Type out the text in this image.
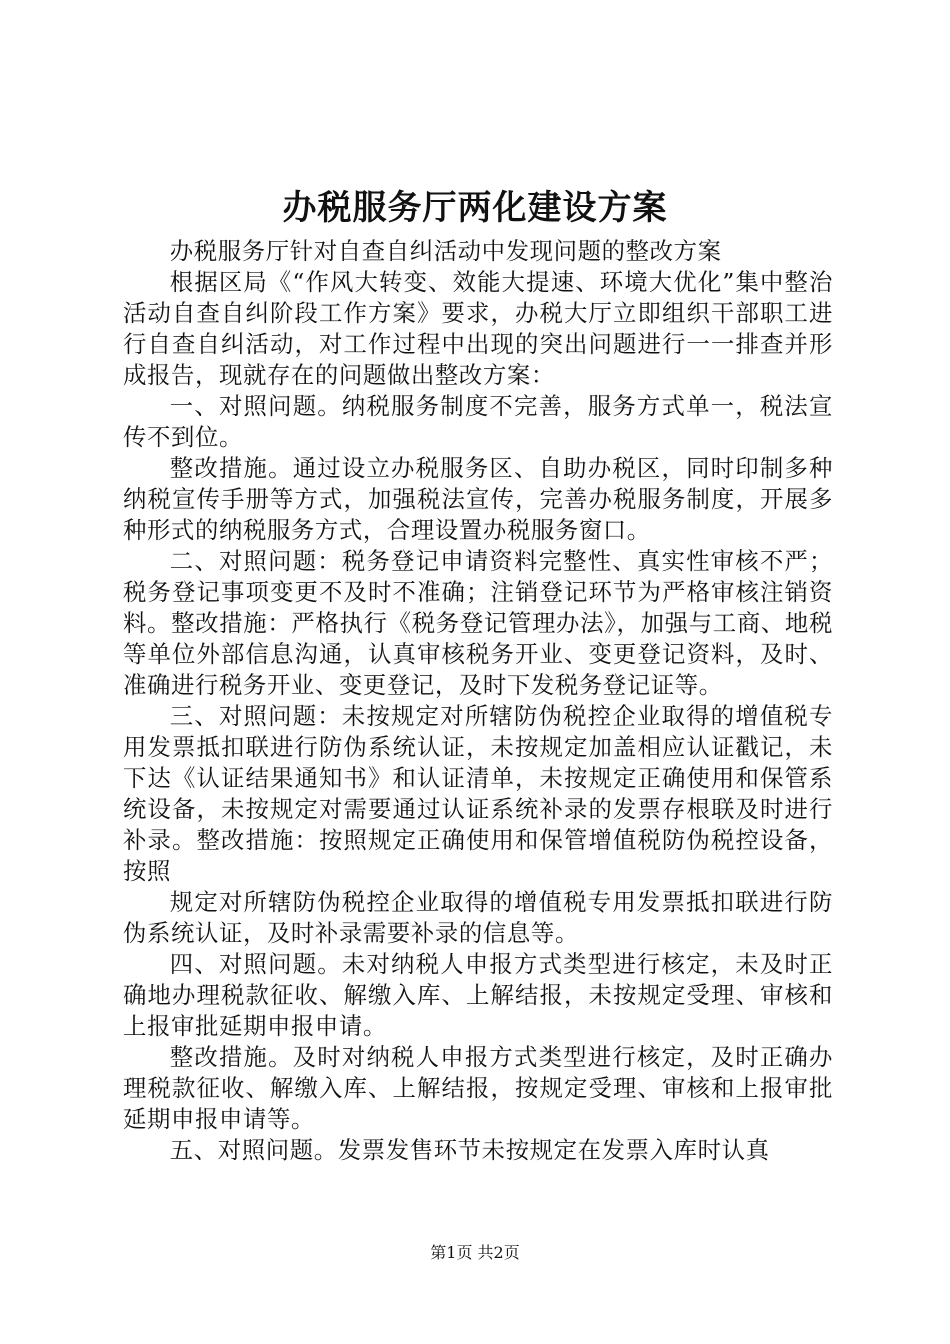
办税服务厅两化建设方案

办税服务厅针对自查自纠活动中发现问题的整改方案

根据区局《“作风大转变、效能大提速、环境大优化”集中整治活动自查自纠阶段工作方案》要求，办税大厅立即组织干部职工进行自查自纠活动，对工作过程中出现的突出问题进行一一排查并形成报告，现就存在的问题做出整改方案：

一、对照问题。纳税服务制度不完善，服务方式单一，税法宣传不到位。

整改措施。通过设立办税服务区、自助办税区，同时印制多种纳税宣传手册等方式，加强税法宣传，完善办税服务制度，开展多种形式的纳税服务方式，合理设置办税服务窗口。

二、对照问题：税务登记申请资料完整性、真实性审核不严；税务登记事项变更不及时不准确；注销登记环节为严格审核注销资料。整改措施：严格执行《税务登记管理办法》，加强与工商、地税等单位外部信息沟通，认真审核税务开业、变更登记资料，及时、准确进行税务开业、变更登记，及时下发税务登记证等。

三、对照问题：未按规定对所辖防伪税控企业取得的增值税专用发票抵扣联进行防伪系统认证，未按规定加盖相应认证戳记，未下达《认证结果通知书》和认证清单，未按规定正确使用和保管系统设备，未按规定对需要通过认证系统补录的发票存根联及时进行补录。整改措施：按照规定正确使用和保管增值税防伪税控设备，按照

规定对所辖防伪税控企业取得的增值税专用发票抵扣联进行防伪系统认证，及时补录需要补录的信息等。

四、对照问题。未对纳税人申报方式类型进行核定，未及时正确地办理税款征收、解缴入库、上解结报，未按规定受理、审核和上报审批延期申报申请。

整改措施。及时对纳税人申报方式类型进行核定，及时正确办理税款征收、解缴入库、上解结报，按规定受理、审核和上报审批延期申报申请等。

五、对照问题。发票发售环节未按规定在发票入库时认真

第1页 共2页
